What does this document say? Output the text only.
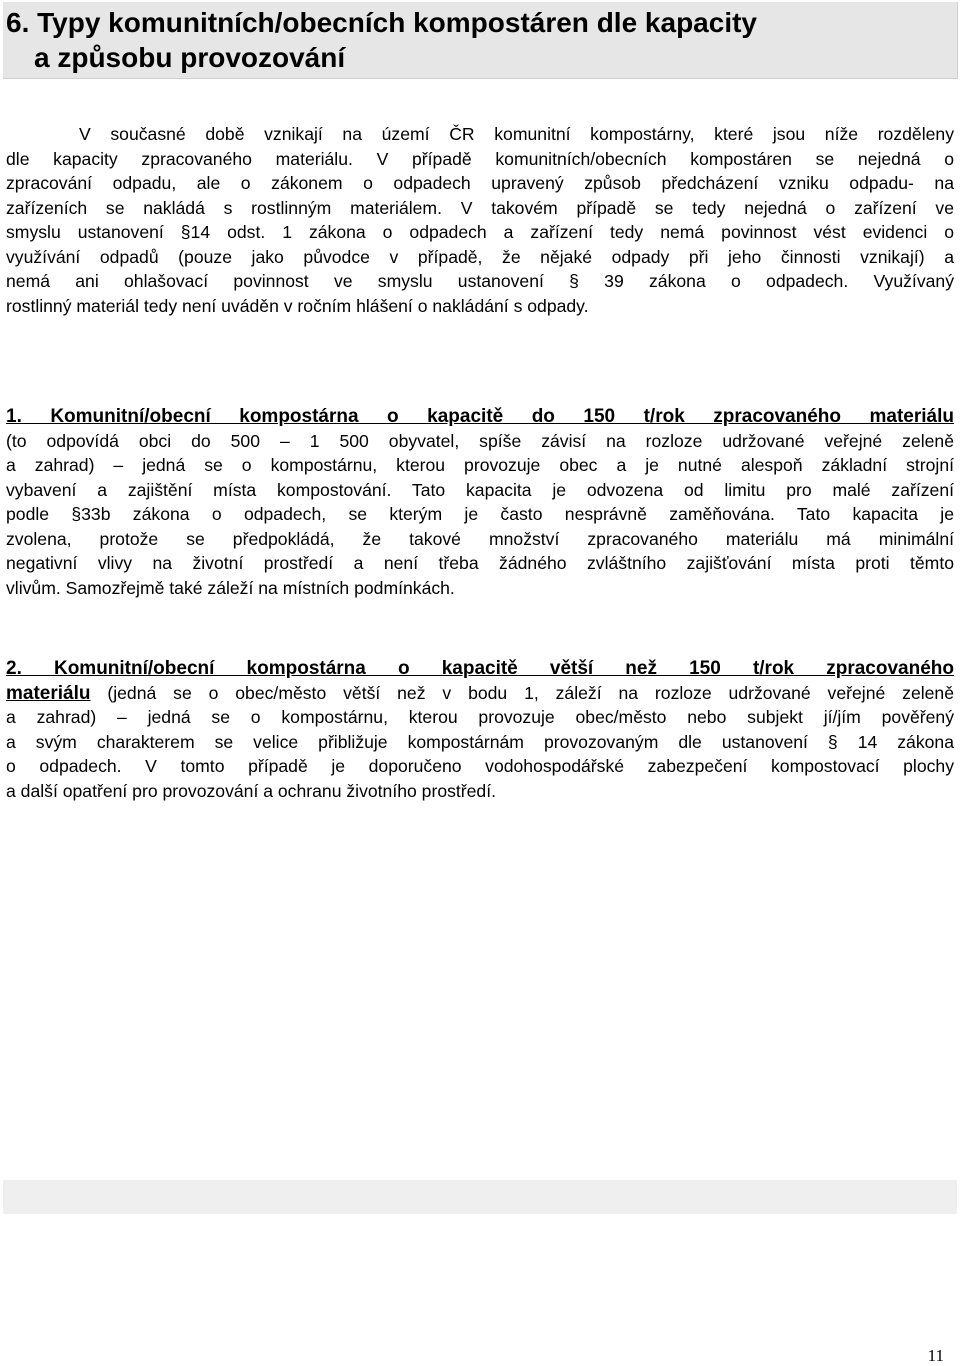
6. Typy komunitních/obecních kompostáren dle kapacity
a způsobu provozování
V současné době vznikají na území ČR komunitní kompostárny, které jsou níže rozděleny
dle kapacity zpracovaného materiálu. V případě komunitních/obecních kompostáren se nejedná o
zpracování odpadu, ale o zákonem o odpadech upravený způsob předcházení vzniku odpadu- na
zařízeních se nakládá s rostlinným materiálem. V takovém případě se tedy nejedná o zařízení ve
smyslu ustanovení §14 odst. 1 zákona o odpadech a zařízení tedy nemá povinnost vést evidenci o
využívání odpadů (pouze jako původce v případě, že nějaké odpady při jeho činnosti vznikají) a
nemá ani ohlašovací povinnost ve smyslu ustanovení § 39 zákona o odpadech. Využívaný
rostlinný materiál tedy není uváděn v ročním hlášení o nakládání s odpady.
1. Komunitní/obecní kompostárna o kapacitě do 150 t/rok zpracovaného materiálu
(to odpovídá obci do 500 – 1 500 obyvatel, spíše závisí na rozloze udržované veřejné zeleně
a zahrad) – jedná se o kompostárnu, kterou provozuje obec a je nutné alespoň základní strojní
vybavení a zajištění místa kompostování. Tato kapacita je odvozena od limitu pro malé zařízení
podle §33b zákona o odpadech, se kterým je často nesprávně zaměňována. Tato kapacita je
zvolena, protože se předpokládá, že takové množství zpracovaného materiálu má minimální
negativní vlivy na životní prostředí a není třeba žádného zvláštního zajišťování místa proti těmto
vlivům. Samozřejmě také záleží na místních podmínkách.
2. Komunitní/obecní kompostárna o kapacitě větší než 150 t/rok zpracovaného
materiálu (jedná se o obec/město větší než v bodu 1, záleží na rozloze udržované veřejné zeleně
a zahrad) – jedná se o kompostárnu, kterou provozuje obec/město nebo subjekt jí/jím pověřený
a svým charakterem se velice přibližuje kompostárnám provozovaným dle ustanovení § 14 zákona
o odpadech. V tomto případě je doporučeno vodohospodářské zabezpečení kompostovací plochy
a další opatření pro provozování a ochranu životního prostředí.
11
